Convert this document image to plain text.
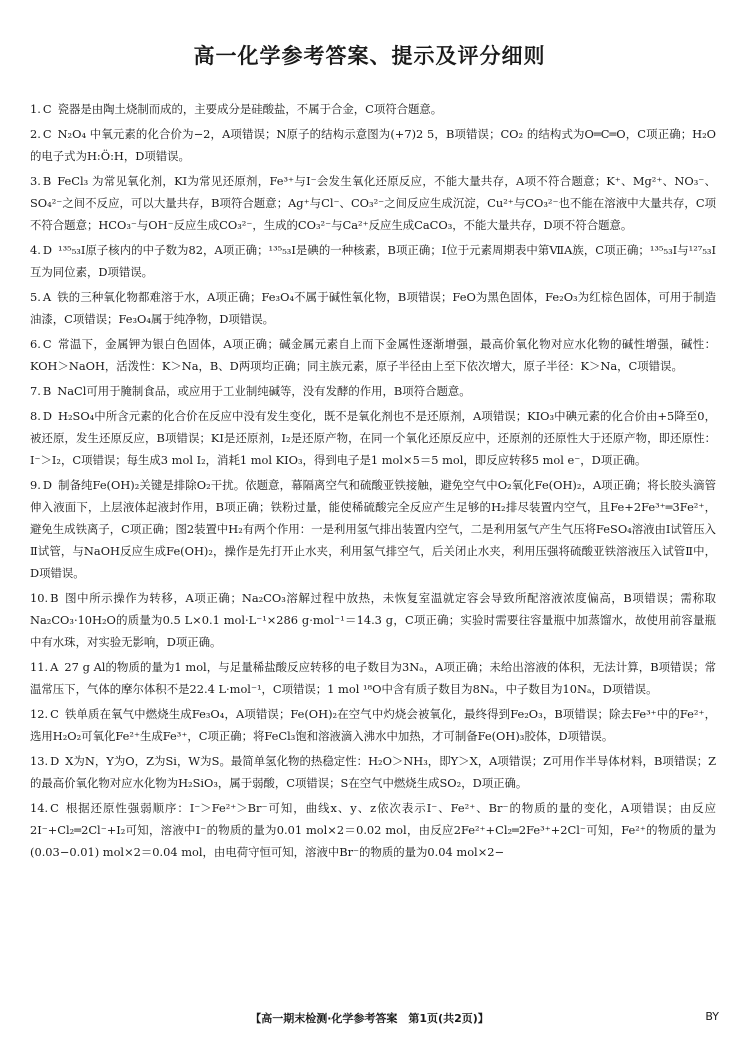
高一化学参考答案、提示及评分细则
1. C 瓷器是由陶土烧制而成的，主要成分是硅酸盐，不属于合金，C项符合题意。
2. C N₂O₄ 中氧元素的化合价为−2，A项错误；N原子的结构示意图为(+7)2 5，B项错误；CO₂ 的结构式为O═C═O，C项正确；H₂O的电子式为H:Ö:H，D项错误。
3. B FeCl₃ 为常见氧化剂，KI为常见还原剂，Fe³⁺与I⁻会发生氧化还原反应，不能大量共存，A项不符合题意；K⁺、Mg²⁺、NO₃⁻、SO₄²⁻之间不反应，可以大量共存，B项符合题意；Ag⁺与Cl⁻、CO₃²⁻之间反应生成沉淀，Cu²⁺与CO₃²⁻也不能在溶液中大量共存，C项不符合题意；HCO₃⁻与OH⁻反应生成CO₃²⁻，生成的CO₃²⁻与Ca²⁺反应生成CaCO₃，不能大量共存，D项不符合题意。
4. D ¹³⁵₅₃I原子核内的中子数为82，A项正确；¹³⁵₅₃I是碘的一种核素，B项正确；I位于元素周期表中第ⅦA族，C项正确；¹³⁵₅₃I与¹²⁷₅₃I互为同位素，D项错误。
5. A 铁的三种氧化物都难溶于水，A项正确；Fe₃O₄不属于碱性氧化物，B项错误；FeO为黑色固体，Fe₂O₃为红棕色固体，可用于制造油漆，C项错误；Fe₃O₄属于纯净物，D项错误。
6. C 常温下，金属钾为银白色固体，A项正确；碱金属元素自上而下金属性逐渐增强，最高价氧化物对应水化物的碱性增强，碱性：KOH＞NaOH，活泼性：K＞Na，B、D两项均正确；同主族元素，原子半径由上至下依次增大，原子半径：K＞Na，C项错误。
7. B NaCl可用于腌制食品，或应用于工业制纯碱等，没有发酵的作用，B项符合题意。
8. D H₂SO₄中所含元素的化合价在反应中没有发生变化，既不是氧化剂也不是还原剂，A项错误；KIO₃中碘元素的化合价由+5降至0，被还原，发生还原反应，B项错误；KI是还原剂，I₂是还原产物，在同一个氧化还原反应中，还原剂的还原性大于还原产物，即还原性：I⁻＞I₂，C项错误；每生成3 mol I₂，消耗1 mol KIO₃，得到电子是1 mol×5＝5 mol，即反应转移5 mol e⁻，D项正确。
9. D 制备纯Fe(OH)₂关键是排除O₂干扰。依题意，幕隔离空气和硫酸亚铁接触，避免空气中O₂氧化Fe(OH)₂，A项正确；将长胶头滴管伸入液面下，上层液体起液封作用，B项正确；铁粉过量，能使稀硫酸完全反应产生足够的H₂排尽装置内空气，且Fe+2Fe³⁺═3Fe²⁺，避免生成铁离子，C项正确；图2装置中H₂有两个作用：一是利用氢气排出装置内空气，二是利用氢气产生气压将FeSO₄溶液由Ⅰ试管压入Ⅱ试管，与NaOH反应生成Fe(OH)₂，操作是先打开止水夹，利用氢气排空气，后关闭止水夹，利用压强将硫酸亚铁溶液压入试管Ⅱ中，D项错误。
10. B 图中所示操作为转移，A项正确；Na₂CO₃溶解过程中放热，未恢复室温就定容会导致所配溶液浓度偏高，B项错误；需称取Na₂CO₃·10H₂O的质量为0.5 L×0.1 mol·L⁻¹×286 g·mol⁻¹＝14.3 g，C项正确；实验时需要往容量瓶中加蒸馏水，故使用前容量瓶中有水珠，对实验无影响，D项正确。
11. A 27 g Al的物质的量为1 mol，与足量稀盐酸反应转移的电子数目为3Nₐ，A项正确；未给出溶液的体积，无法计算，B项错误；常温常压下，气体的摩尔体积不是22.4 L·mol⁻¹，C项错误；1 mol ¹⁸O中含有质子数目为8Nₐ，中子数目为10Nₐ，D项错误。
12. C 铁单质在氧气中燃烧生成Fe₃O₄，A项错误；Fe(OH)₂在空气中灼烧会被氧化，最终得到Fe₂O₃，B项错误；除去Fe³⁺中的Fe²⁺，选用H₂O₂可氧化Fe²⁺生成Fe³⁺，C项正确；将FeCl₃饱和溶液滴入沸水中加热，才可制备Fe(OH)₃胶体，D项错误。
13. D X为N，Y为O，Z为Si，W为S。最简单氢化物的热稳定性：H₂O＞NH₃，即Y＞X，A项错误；Z可用作半导体材料，B项错误；Z的最高价氧化物对应水化物为H₂SiO₃，属于弱酸，C项错误；S在空气中燃烧生成SO₂，D项正确。
14. C 根据还原性强弱顺序：I⁻＞Fe²⁺＞Br⁻可知，曲线x、y、z依次表示I⁻、Fe²⁺、Br⁻的物质的量的变化，A项错误；由反应2I⁻+Cl₂═2Cl⁻+I₂可知，溶液中I⁻的物质的量为0.01 mol×2＝0.02 mol，由反应2Fe²⁺+Cl₂═2Fe³⁺+2Cl⁻可知，Fe²⁺的物质的量为(0.03−0.01) mol×2＝0.04 mol，由电荷守恒可知，溶液中Br⁻的物质的量为0.04 mol×2−
【高一期末检测·化学参考答案　第1页(共2页)】	BY
